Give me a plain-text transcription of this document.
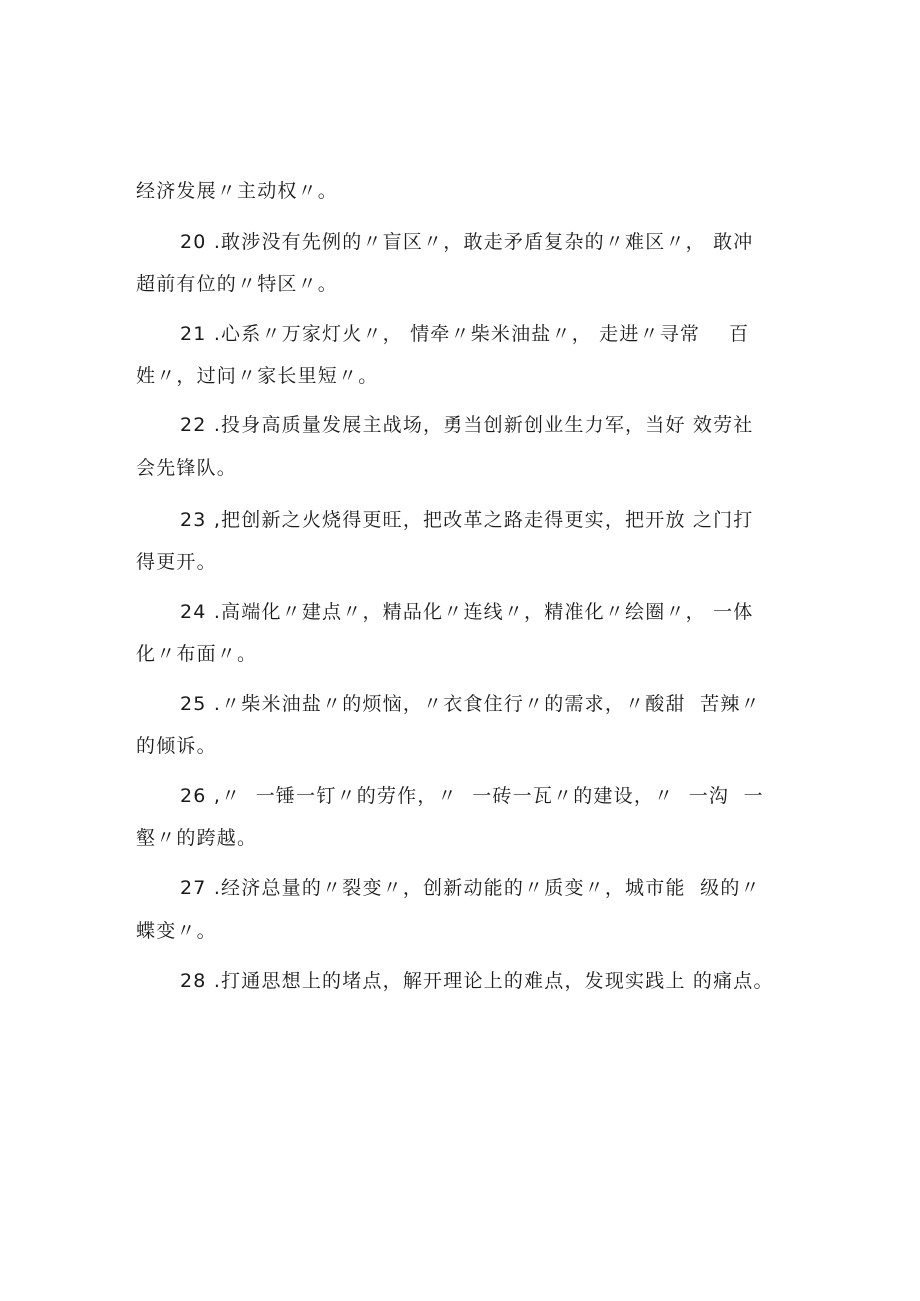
经济发展〃主动权〃。
20 .敢涉没有先例的〃盲区〃，敢走矛盾复杂的〃难区〃， 敢冲
超前有位的〃特区〃。
21 .心系〃万家灯火〃， 情牵〃柴米油盐〃， 走进〃寻常    百
姓〃，过问〃家长里短〃。
22 .投身高质量发展主战场，勇当创新创业生力军，当好 效劳社
会先锋队。
23 ,把创新之火烧得更旺，把改革之路走得更实，把开放 之门打
得更开。
24 .高端化〃建点〃，精品化〃连线〃，精准化〃绘圈〃， 一体
化〃布面〃。
25 .〃柴米油盐〃的烦恼，〃衣食住行〃的需求，〃酸甜  苦辣〃
的倾诉。
26 ,〃  一锤一钉〃的劳作，〃  一砖一瓦〃的建设，〃  一沟  一
壑〃的跨越。
27 .经济总量的〃裂变〃，创新动能的〃质变〃，城市能  级的〃
蝶变〃。
28 .打通思想上的堵点，解开理论上的难点，发现实践上 的痛点。
